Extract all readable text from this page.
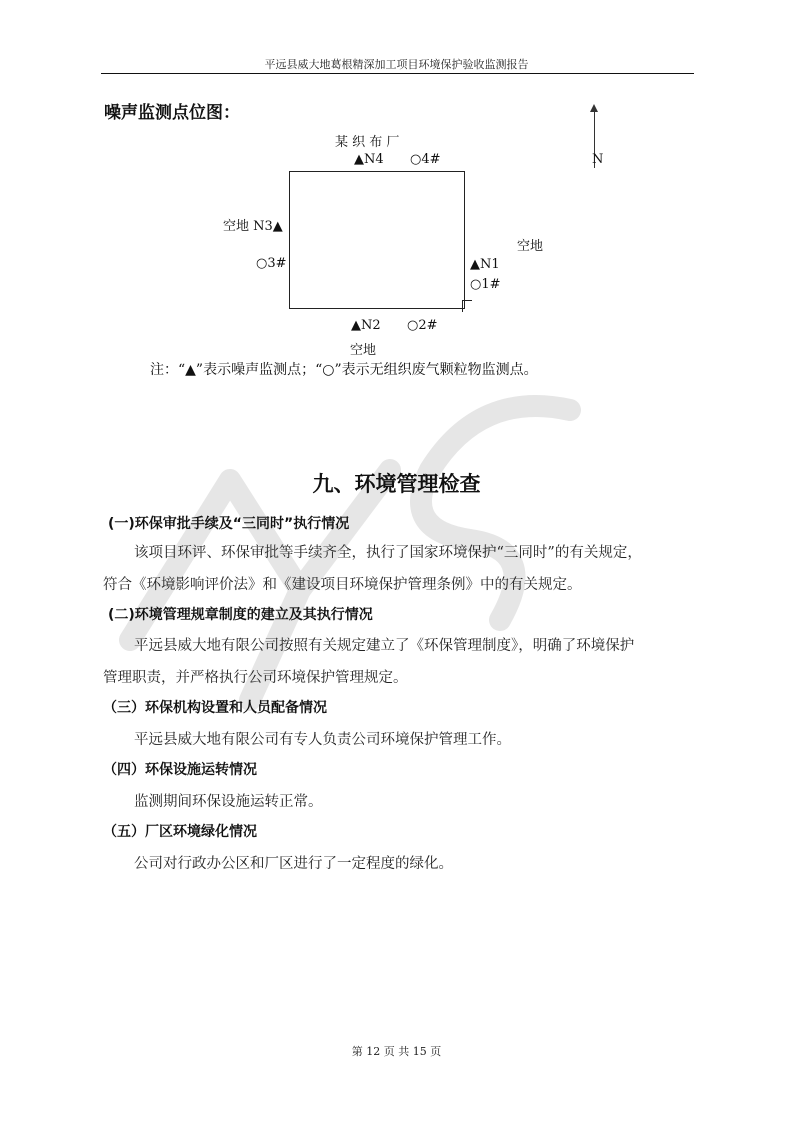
平远县威大地葛根精深加工项目环境保护验收监测报告
噪声监测点位图：
N
某 织 布 厂
▲N4 ○4#
空地 N3▲
○3#
空地
▲N1
○1#
▲N2 ○2#
空地
注：“▲”表示噪声监测点；“○”表示无组织废气颗粒物监测点。
九、环境管理检查
(一)环保审批手续及“三同时”执行情况
该项目环评、环保审批等手续齐全，执行了国家环境保护“三同时”的有关规定，
符合《环境影响评价法》和《建设项目环境保护管理条例》中的有关规定。
(二)环境管理规章制度的建立及其执行情况
平远县威大地有限公司按照有关规定建立了《环保管理制度》，明确了环境保护
管理职责，并严格执行公司环境保护管理规定。
（三）环保机构设置和人员配备情况
平远县威大地有限公司有专人负责公司环境保护管理工作。
（四）环保设施运转情况
监测期间环保设施运转正常。
（五）厂区环境绿化情况
公司对行政办公区和厂区进行了一定程度的绿化。
第 12 页 共 15 页
